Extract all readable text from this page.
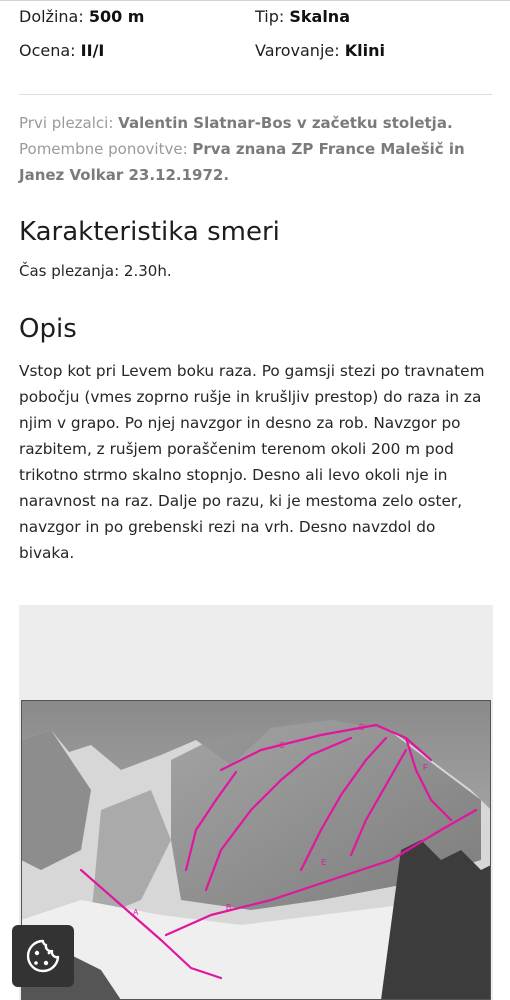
Dolžina: 500 m	Tip: Skalna
Ocena: II/I	Varovanje: Klini
Prvi plezalci: Valentin Slatnar-Bos v začetku stoletja.
Pomembne ponovitve: Prva znana ZP France Malešič in Janez Volkar 23.12.1972.
Karakteristika smeri
Čas plezanja: 2.30h.
Opis

Vstop kot pri Levem boku raza. Po gamsji stezi po travnatem pobočju (vmes zoprno rušje in krušljiv prestop) do raza in za njim v grapo. Po njej navzgor in desno za rob. Navzgor po razbitem, z rušjem poraščenim terenom okoli 200 m pod trikotno strmo skalno stopnjo. Desno ali levo okoli nje in naravnost na raz. Dalje po razu, ki je mestoma zelo oster, navzgor in po grebenski rezi na vrh. Desno navzdol do bivaka.

A
B
C
D
E
F
